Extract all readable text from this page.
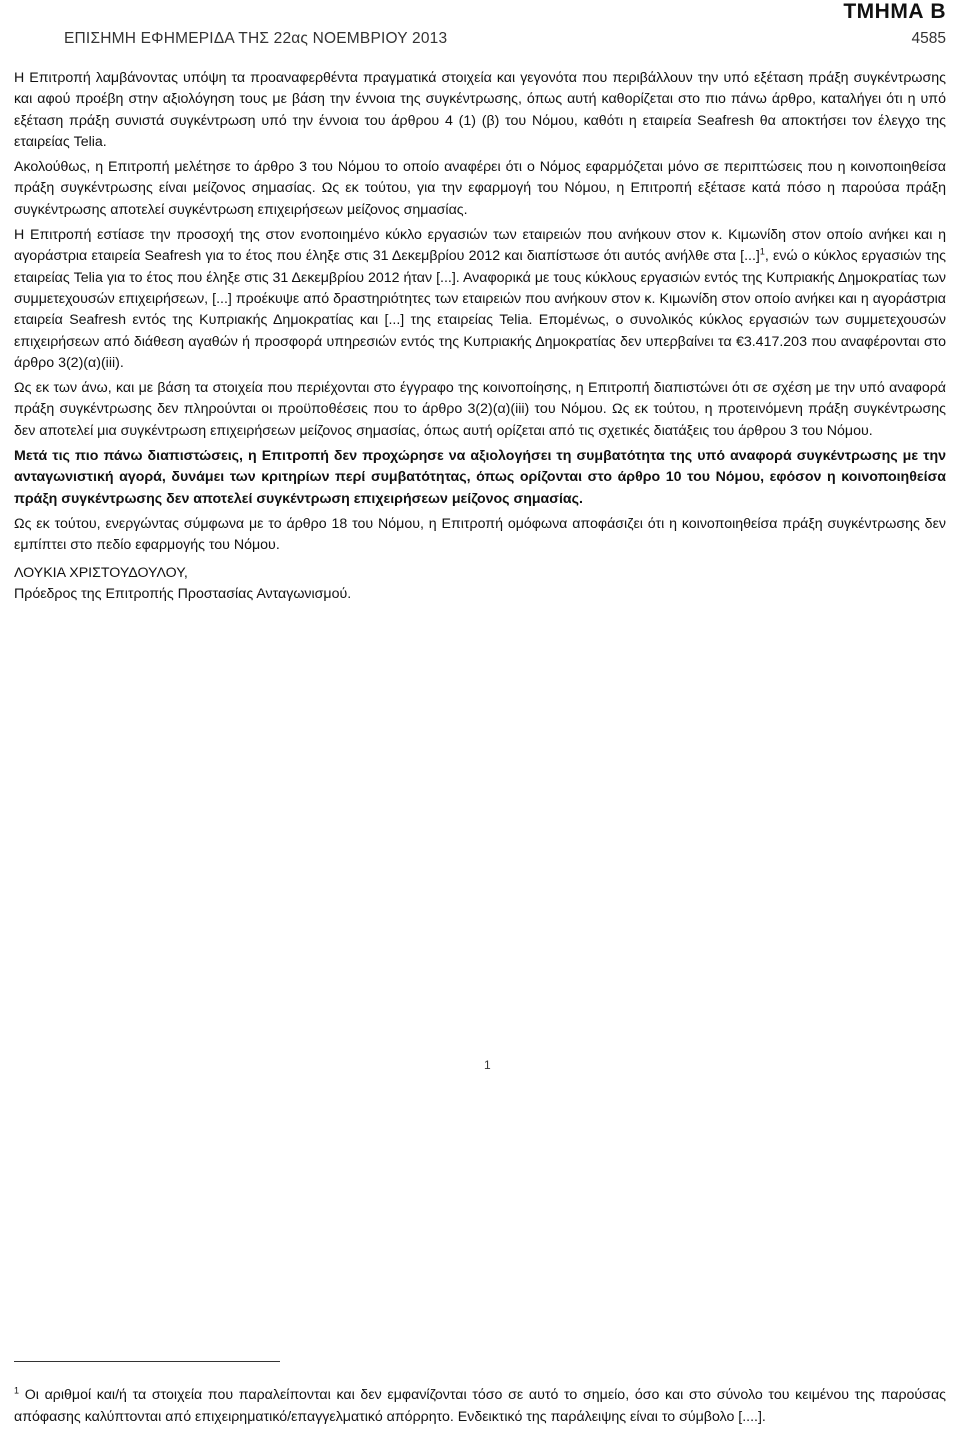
ΤΜΗΜΑ Β
ΕΠΙΣΗΜΗ ΕΦΗΜΕΡΙΔΑ ΤΗΣ 22ας ΝΟΕΜΒΡΙΟΥ 2013	4585

Η Επιτροπή λαμβάνοντας υπόψη τα προαναφερθέντα πραγματικά στοιχεία και γεγονότα που περιβάλλουν την υπό εξέταση πράξη συγκέντρωσης και αφού προέβη στην αξιολόγηση τους με βάση την έννοια της συγκέντρωσης, όπως αυτή καθορίζεται στο πιο πάνω άρθρο, καταλήγει ότι η υπό εξέταση πράξη συνιστά συγκέντρωση υπό την έννοια του άρθρου 4 (1) (β) του Νόμου, καθότι η εταιρεία Seafresh θα αποκτήσει τον έλεγχο της εταιρείας Telia.

Ακολούθως, η Επιτροπή μελέτησε το άρθρο 3 του Νόμου το οποίο αναφέρει ότι ο Νόμος εφαρμόζεται μόνο σε περιπτώσεις που η κοινοποιηθείσα πράξη συγκέντρωσης είναι μείζονος σημασίας. Ως εκ τούτου, για την εφαρμογή του Νόμου, η Επιτροπή εξέτασε κατά πόσο η παρούσα πράξη συγκέντρωσης αποτελεί συγκέντρωση επιχειρήσεων μείζονος σημασίας.

Η Επιτροπή εστίασε την προσοχή της στον ενοποιημένο κύκλο εργασιών των εταιρειών που ανήκουν στον κ. Κιμωνίδη στον οποίο ανήκει και η αγοράστρια εταιρεία Seafresh για το έτος που έληξε στις 31 Δεκεμβρίου 2012 και διαπίστωσε ότι αυτός ανήλθε στα [...]$^1$, ενώ ο κύκλος εργασιών της εταιρείας Telia για το έτος που έληξε στις 31 Δεκεμβρίου 2012 ήταν [...]. Αναφορικά με τους κύκλους εργασιών εντός της Κυπριακής Δημοκρατίας των συμμετεχουσών επιχειρήσεων, [...] προέκυψε από δραστηριότητες των εταιρειών που ανήκουν στον κ. Κιμωνίδη στον οποίο ανήκει και η αγοράστρια εταιρεία Seafresh εντός της Κυπριακής Δημοκρατίας και [...] της εταιρείας Telia. Επομένως, ο συνολικός κύκλος εργασιών των συμμετεχουσών επιχειρήσεων από διάθεση αγαθών ή προσφορά υπηρεσιών εντός της Κυπριακής Δημοκρατίας δεν υπερβαίνει τα €3.417.203 που αναφέρονται στο άρθρο 3(2)(α)(iii).

Ως εκ των άνω, και με βάση τα στοιχεία που περιέχονται στο έγγραφο της κοινοποίησης, η Επιτροπή διαπιστώνει ότι σε σχέση με την υπό αναφορά πράξη συγκέντρωσης δεν πληρούνται οι προϋποθέσεις που το άρθρο 3(2)(α)(iii) του Νόμου. Ως εκ τούτου, η προτεινόμενη πράξη συγκέντρωσης δεν αποτελεί μια συγκέντρωση επιχειρήσεων μείζονος σημασίας, όπως αυτή ορίζεται από τις σχετικές διατάξεις του άρθρου 3 του Νόμου.

Μετά τις πιο πάνω διαπιστώσεις, η Επιτροπή δεν προχώρησε να αξιολογήσει τη συμβατότητα της υπό αναφορά συγκέντρωσης με την ανταγωνιστική αγορά, δυνάμει των κριτηρίων περί συμβατότητας, όπως ορίζονται στο άρθρο 10 του Νόμου, εφόσον η κοινοποιηθείσα πράξη συγκέντρωσης δεν αποτελεί συγκέντρωση επιχειρήσεων μείζονος σημασίας.

Ως εκ τούτου, ενεργώντας σύμφωνα με το άρθρο 18 του Νόμου, η Επιτροπή ομόφωνα αποφάσιζει ότι η κοινοποιηθείσα πράξη συγκέντρωσης δεν εμπίπτει στο πεδίο εφαρμογής του Νόμου.

ΛΟΥΚΙΑ ΧΡΙΣΤΟΥΔΟΥΛΟΥ,
Πρόεδρος της Επιτροπής Προστασίας Ανταγωνισμού.
1
$^1$ Οι αριθμοί και/ή τα στοιχεία που παραλείπονται και δεν εμφανίζονται τόσο σε αυτό το σημείο, όσο και στο σύνολο του κειμένου της παρούσας απόφασης καλύπτονται από επιχειρηματικό/επαγγελματικό απόρρητο. Ενδεικτικό της παράλειψης είναι το σύμβολο [....].
